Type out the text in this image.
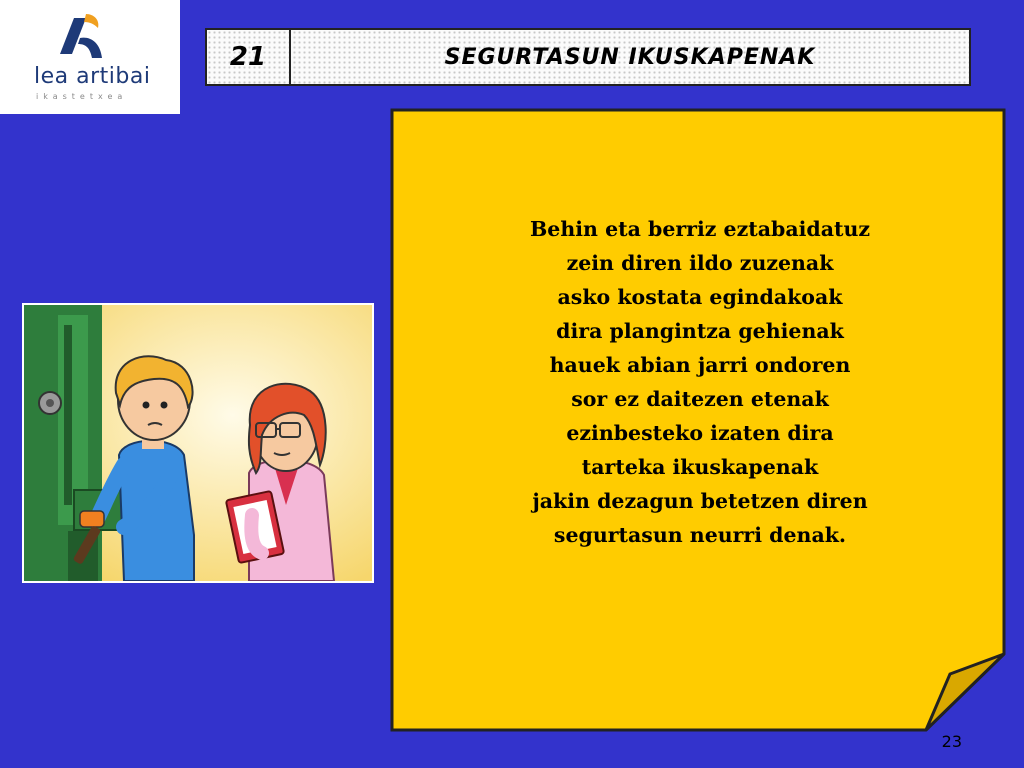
lea artibai
ikastetxea
21	SEGURTASUN IKUSKAPENAK
Behin eta berriz eztabaidatuz
zein diren ildo zuzenak
asko kostata egindakoak
dira plangintza gehienak
hauek abian jarri ondoren
sor ez daitezen etenak
ezinbesteko izaten dira
tarteka ikuskapenak
jakin dezagun betetzen diren
segurtasun neurri denak.
23
